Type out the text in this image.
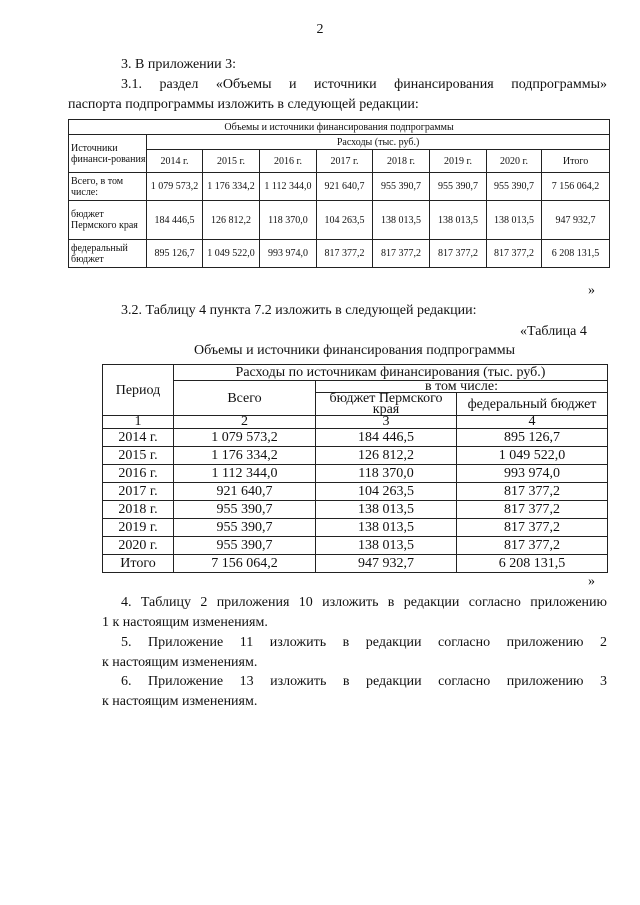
2
3. В приложении 3:
3.1. раздел «Объемы и источники финансирования подпрограммы»
паспорта подпрограммы изложить в следующей редакции:
Объемы и источники финансирования подпрограммы								
Источники финанси-рования	Расходы (тыс. руб.)							
	2014 г.	2015 г.	2016 г.	2017 г.	2018 г.	2019 г.	2020 г.	Итого
Всего, в том числе:	1 079 573,2	1 176 334,2	1 112 344,0	921 640,7	955 390,7	955 390,7	955 390,7	7 156 064,2
бюджет Пермского края	184 446,5	126 812,2	118 370,0	104 263,5	138 013,5	138 013,5	138 013,5	947 932,7
федеральный бюджет	895 126,7	1 049 522,0	993 974,0	817 377,2	817 377,2	817 377,2	817 377,2	6 208 131,5
»
3.2. Таблицу 4 пункта 7.2 изложить в следующей редакции:
«Таблица 4
Объемы и источники финансирования подпрограммы
Период	Расходы по источникам финансирования (тыс. руб.)		
	Всего	в том числе:	
		бюджет Пермского края	федеральный бюджет
1	2	3	4
2014 г.	1 079 573,2	184 446,5	895 126,7
2015 г.	1 176 334,2	126 812,2	1 049 522,0
2016 г.	1 112 344,0	118 370,0	993 974,0
2017 г.	921 640,7	104 263,5	817 377,2
2018 г.	955 390,7	138 013,5	817 377,2
2019 г.	955 390,7	138 013,5	817 377,2
2020 г.	955 390,7	138 013,5	817 377,2
Итого	7 156 064,2	947 932,7	6 208 131,5
»
4. Таблицу 2 приложения 10 изложить в редакции согласно приложению
1 к настоящим изменениям.
5. Приложение 11 изложить в редакции согласно приложению 2
к настоящим изменениям.
6. Приложение 13 изложить в редакции согласно приложению 3
к настоящим изменениям.
